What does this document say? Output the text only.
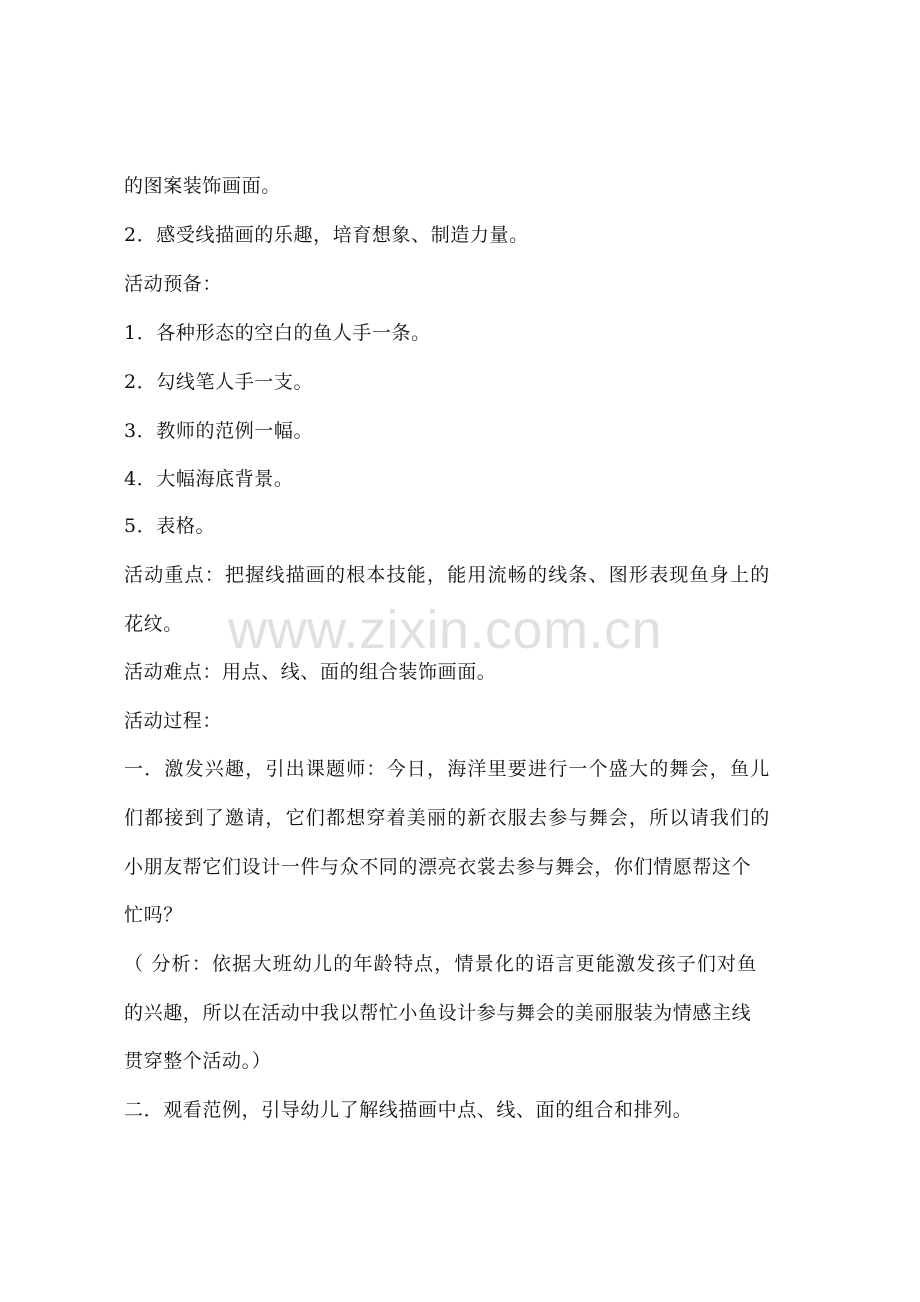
的图案装饰画面。
2．感受线描画的乐趣，培育想象、制造力量。
活动预备：
1．各种形态的空白的鱼人手一条。
2．勾线笔人手一支。
3．教师的范例一幅。
4．大幅海底背景。
5．表格。
活动重点：把握线描画的根本技能，能用流畅的线条、图形表现鱼身上的
花纹。
活动难点：用点、线、面的组合装饰画面。
活动过程：
一．激发兴趣，引出课题师：今日，海洋里要进行一个盛大的舞会，鱼儿
们都接到了邀请，它们都想穿着美丽的新衣服去参与舞会，所以请我们的
小朋友帮它们设计一件与众不同的漂亮衣裳去参与舞会，你们情愿帮这个
忙吗？
（ 分析：依据大班幼儿的年龄特点，情景化的语言更能激发孩子们对鱼
的兴趣，所以在活动中我以帮忙小鱼设计参与舞会的美丽服装为情感主线
贯穿整个活动。）
二．观看范例，引导幼儿了解线描画中点、线、面的组合和排列。
www.zixin.com.cn
